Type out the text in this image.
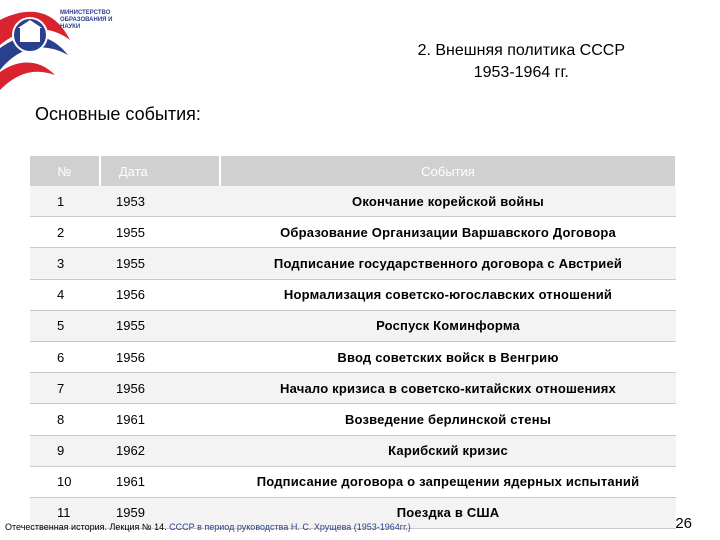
МИНИСТЕРСТВО ОБРАЗОВАНИЯ И НАУКИ
2. Внешняя политика СССР
1953-1964 гг.
Основные события:
№	Дата	События
1	1953	Окончание корейской войны
2	1955	Образование Организации Варшавского Договора
3	1955	Подписание государственного договора с Австрией
4	1956	Нормализация советско-югославских отношений
5	1955	Роспуск Коминформа
6	1956	Ввод советских войск в Венгрию
7	1956	Начало кризиса в советско-китайских отношениях
8	1961	Возведение берлинской стены
9	1962	Карибский кризис
10	1961	Подписание договора о запрещении ядерных испытаний
11	1959	Поездка в США
Отечественная история. Лекция № 14. СССР в период руководства Н. С. Хрущева (1953-1964гг.)	26
